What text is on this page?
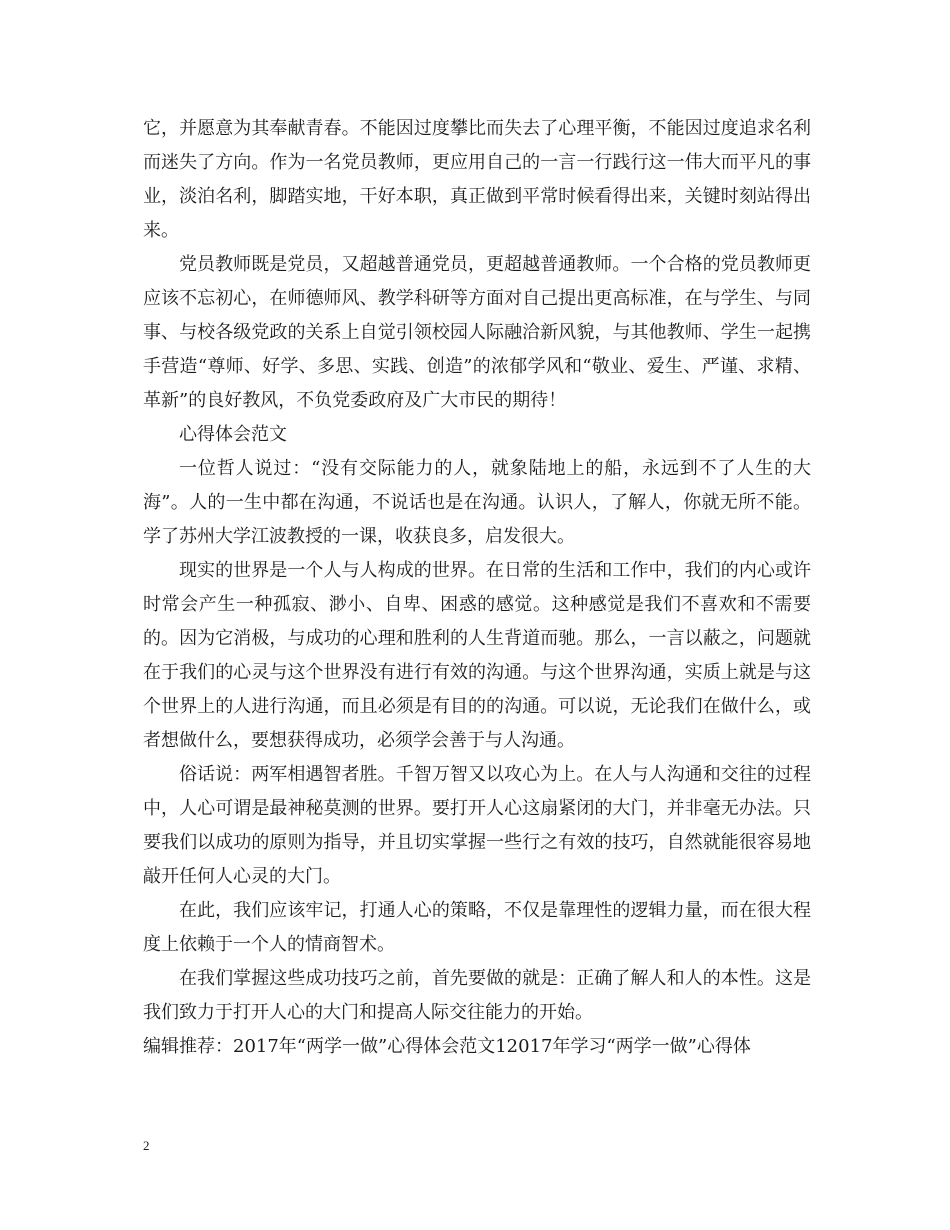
它，并愿意为其奉献青春。不能因过度攀比而失去了心理平衡，不能因过度追求名利而迷失了方向。作为一名党员教师，更应用自己的一言一行践行这一伟大而平凡的事业，淡泊名利，脚踏实地，干好本职，真正做到平常时候看得出来，关键时刻站得出来。

党员教师既是党员，又超越普通党员，更超越普通教师。一个合格的党员教师更应该不忘初心，在师德师风、教学科研等方面对自己提出更高标准，在与学生、与同事、与校各级党政的关系上自觉引领校园人际融洽新风貌，与其他教师、学生一起携手营造“尊师、好学、多思、实践、创造”的浓郁学风和“敬业、爱生、严谨、求精、革新”的良好教风，不负党委政府及广大市民的期待！

心得体会范文

一位哲人说过：“没有交际能力的人，就象陆地上的船，永远到不了人生的大海”。人的一生中都在沟通，不说话也是在沟通。认识人，了解人，你就无所不能。学了苏州大学江波教授的一课，收获良多，启发很大。

现实的世界是一个人与人构成的世界。在日常的生活和工作中，我们的内心或许时常会产生一种孤寂、渺小、自卑、困惑的感觉。这种感觉是我们不喜欢和不需要的。因为它消极，与成功的心理和胜利的人生背道而驰。那么，一言以蔽之，问题就在于我们的心灵与这个世界没有进行有效的沟通。与这个世界沟通，实质上就是与这个世界上的人进行沟通，而且必须是有目的的沟通。可以说，无论我们在做什么，或者想做什么，要想获得成功，必须学会善于与人沟通。

俗话说：两军相遇智者胜。千智万智又以攻心为上。在人与人沟通和交往的过程中，人心可谓是最神秘莫测的世界。要打开人心这扇紧闭的大门，并非毫无办法。只要我们以成功的原则为指导，并且切实掌握一些行之有效的技巧，自然就能很容易地敲开任何人心灵的大门。

在此，我们应该牢记，打通人心的策略，不仅是靠理性的逻辑力量，而在很大程度上依赖于一个人的情商智术。

在我们掌握这些成功技巧之前，首先要做的就是：正确了解人和人的本性。这是我们致力于打开人心的大门和提高人际交往能力的开始。

编辑推荐：2017年“两学一做”心得体会范文12017年学习“两学一做”心得体

2
